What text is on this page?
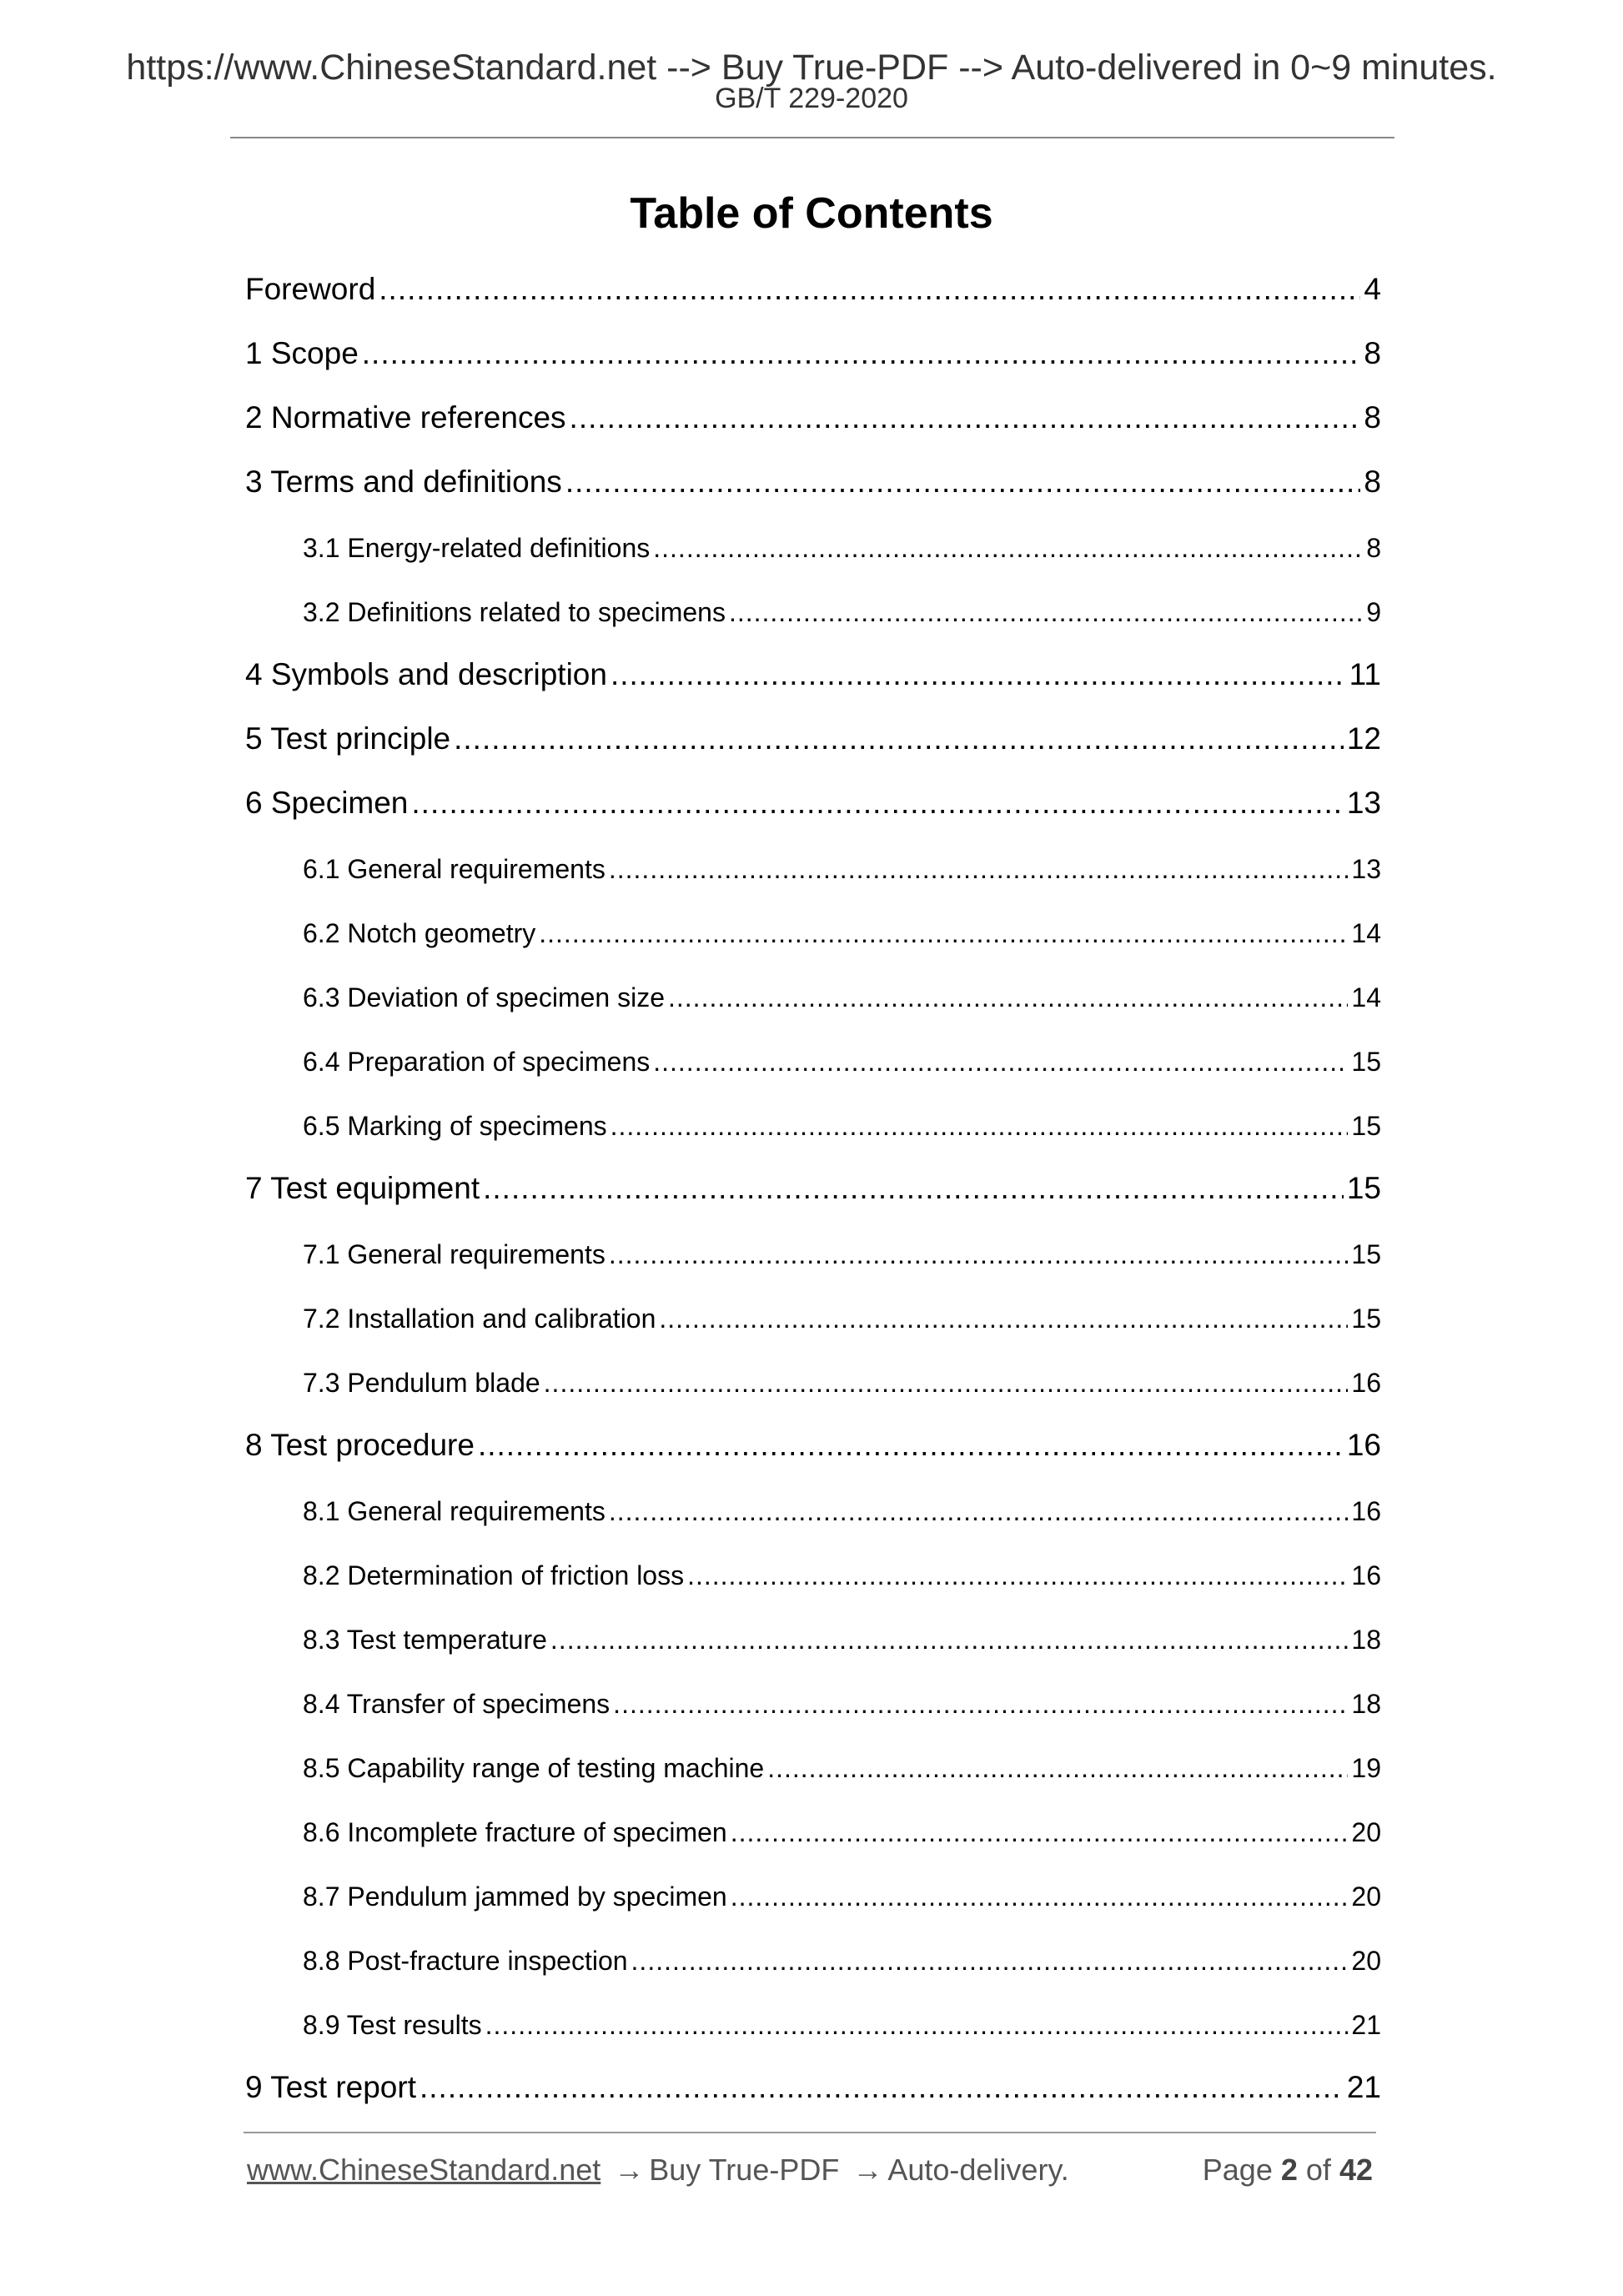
https://www.ChineseStandard.net --> Buy True-PDF --> Auto-delivered in 0~9 minutes.
GB/T 229-2020
Table of Contents
Foreword .....	4
1 Scope .....	8
2 Normative references .....	8
3 Terms and definitions .....	8
3.1 Energy-related definitions .....	8
3.2 Definitions related to specimens .....	9
4 Symbols and description .....	11
5 Test principle .....	12
6 Specimen .....	13
6.1 General requirements .....	13
6.2 Notch geometry .....	14
6.3 Deviation of specimen size .....	14
6.4 Preparation of specimens .....	15
6.5 Marking of specimens .....	15
7 Test equipment .....	15
7.1 General requirements .....	15
7.2 Installation and calibration .....	15
7.3 Pendulum blade .....	16
8 Test procedure .....	16
8.1 General requirements .....	16
8.2 Determination of friction loss .....	16
8.3 Test temperature .....	18
8.4 Transfer of specimens .....	18
8.5 Capability range of testing machine .....	19
8.6 Incomplete fracture of specimen .....	20
8.7 Pendulum jammed by specimen .....	20
8.8 Post-fracture inspection .....	20
8.9 Test results .....	21
9 Test report .....	21
www.ChineseStandard.net → Buy True-PDF → Auto-delivery.	Page 2 of 42
